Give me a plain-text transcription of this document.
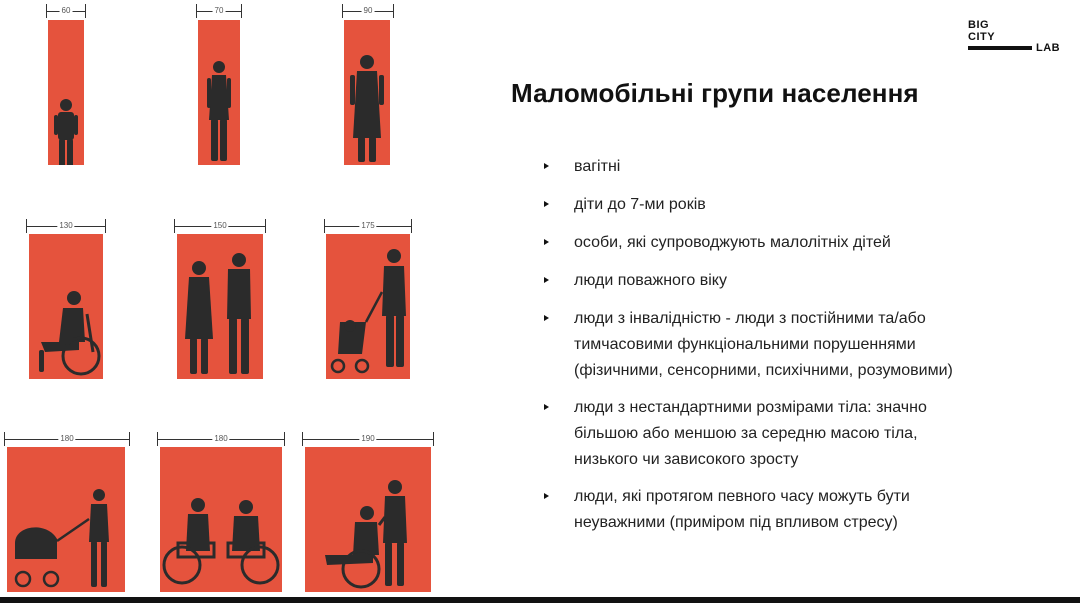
60	70	90
130	150	175
180	180	190
BIG
CITY
LAB
Маломобільні групи населення
вагітні
діти до 7-ми років
особи, які супроводжують малолітніх дітей
люди поважного віку
люди з інвалідністю - люди з постійними та/або
тимчасовими функціональними порушеннями
(фізичними, сенсорними, психічними, розумовими)
люди з нестандартними розмірами тіла: значно
більшою або меншою за середню масою тіла,
низького чи зависокого зросту
люди, які протягом певного часу можуть бути
неуважними (приміром під впливом стресу)
